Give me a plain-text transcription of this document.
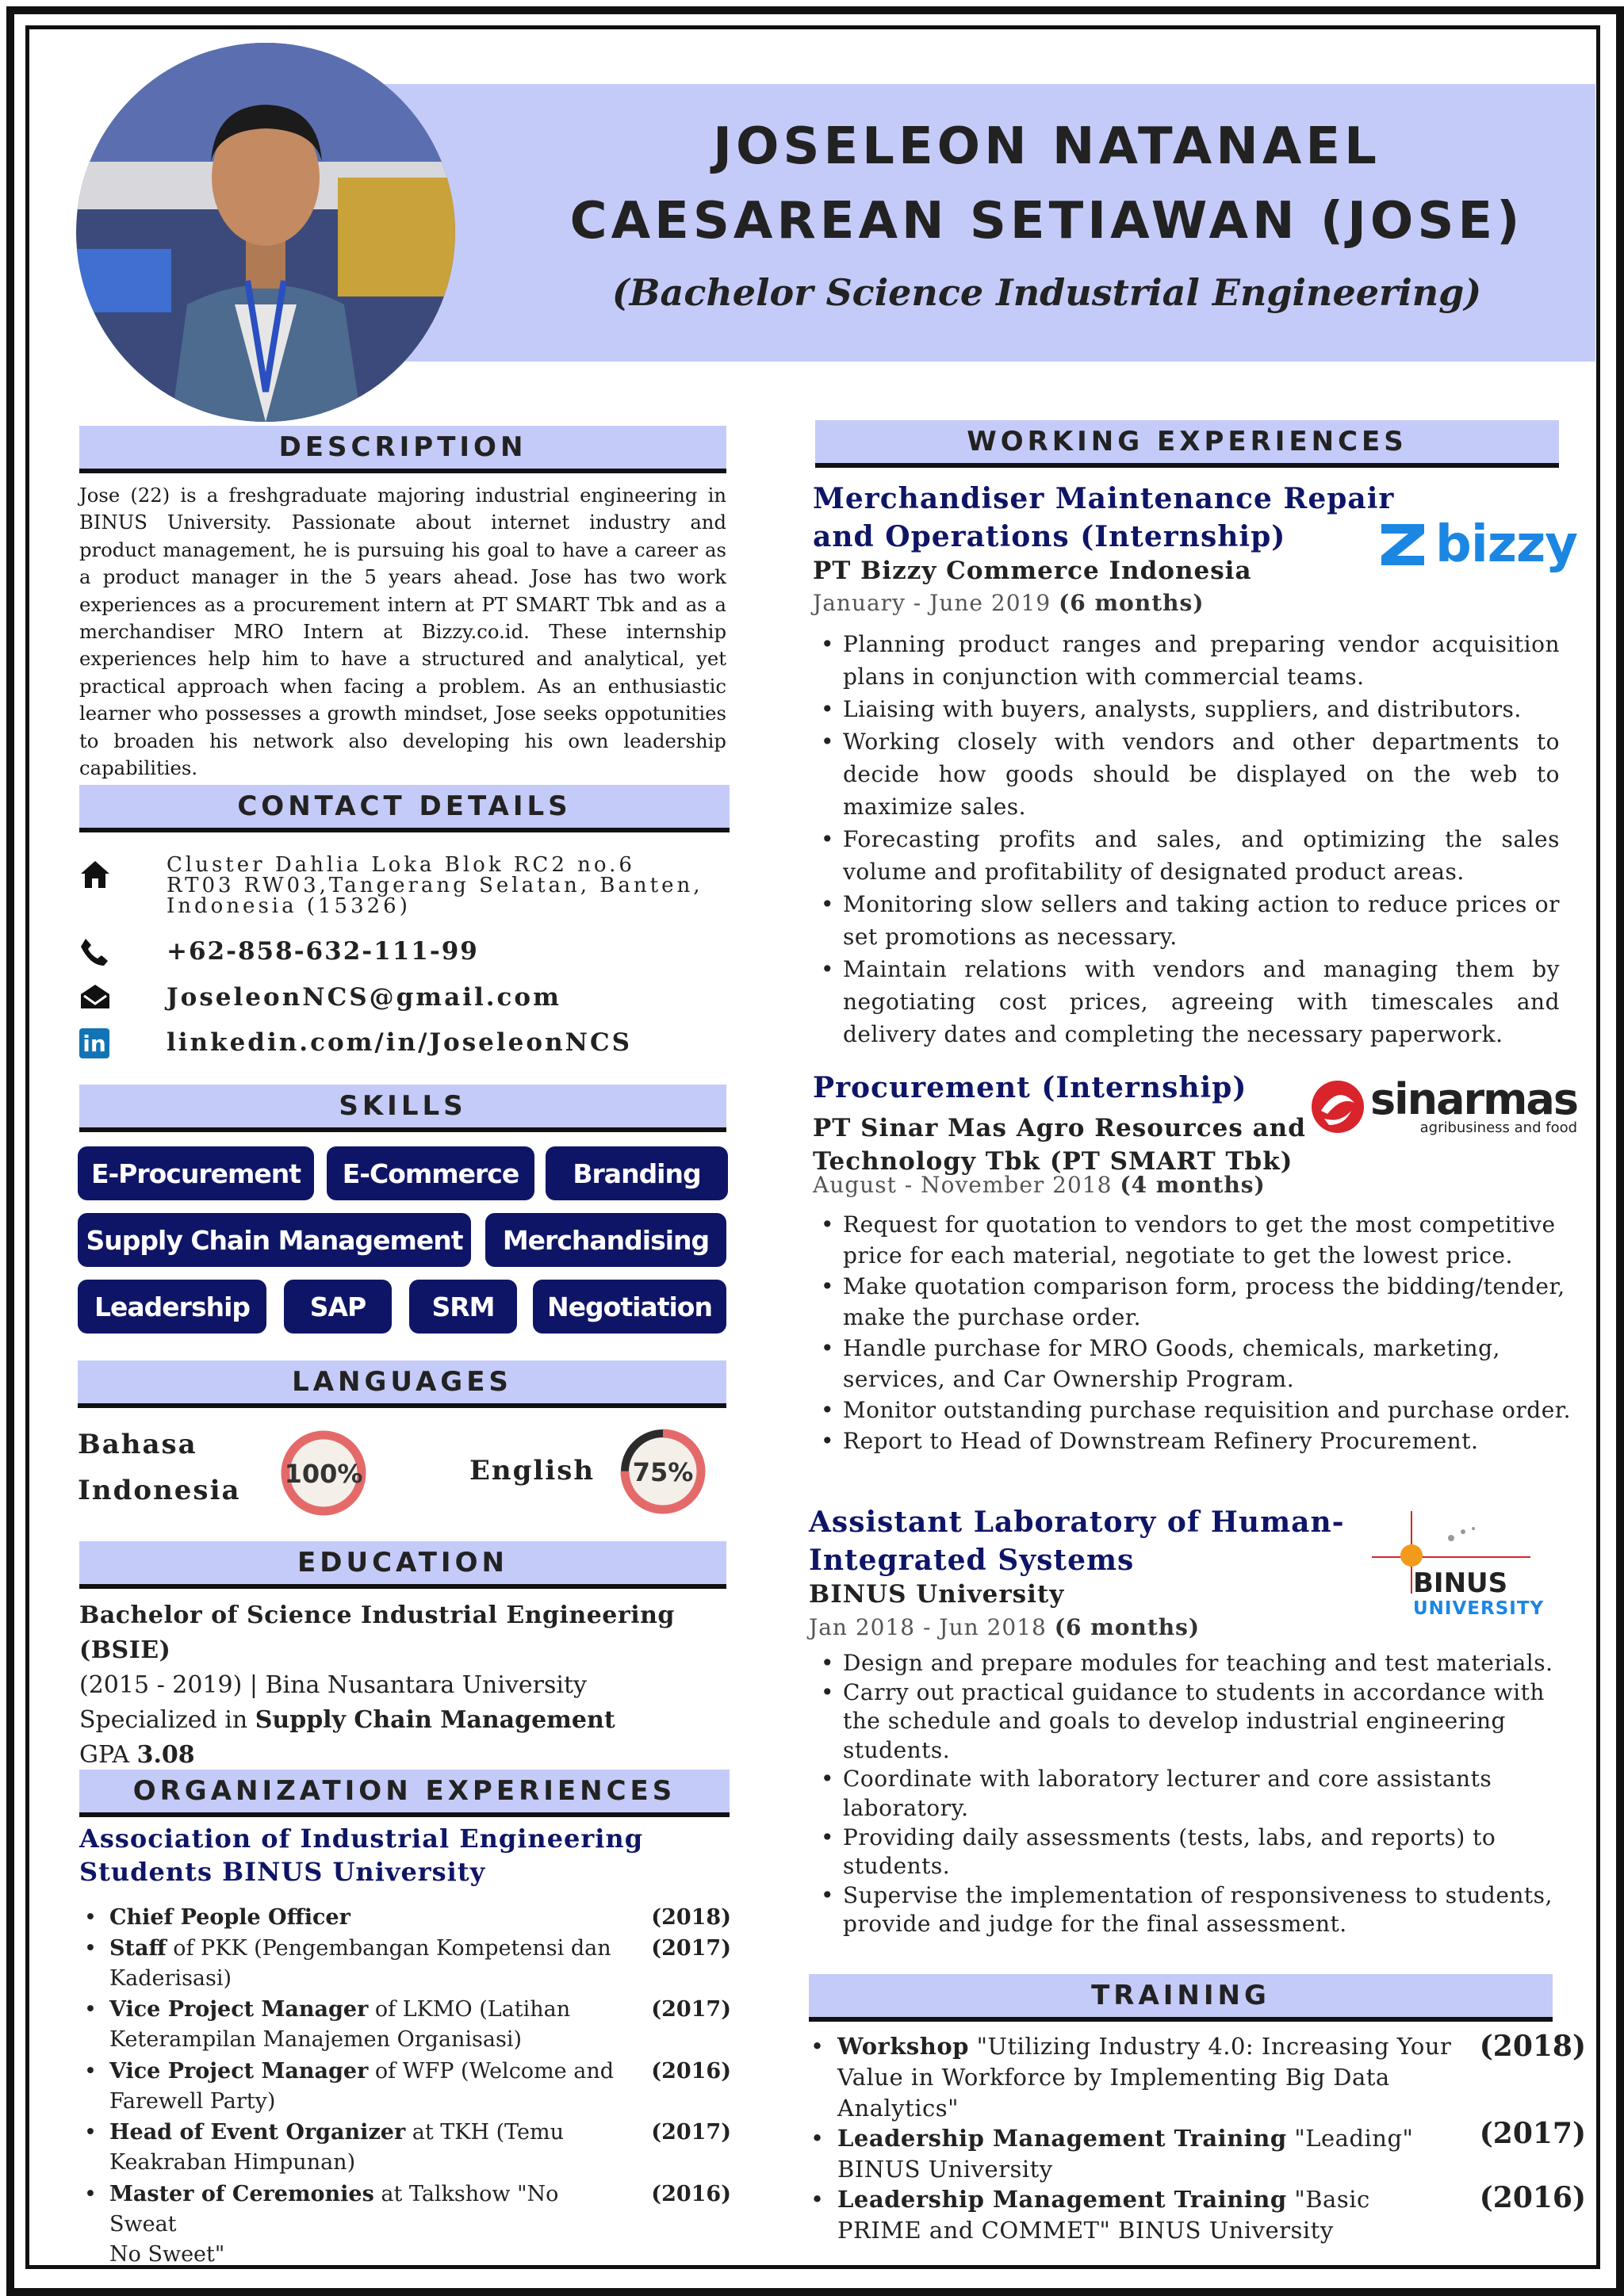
JOSELEON NATANAEL
CAESAREAN SETIAWAN (JOSE)
(Bachelor Science Industrial Engineering)
DESCRIPTION
Jose (22) is a freshgraduate majoring industrial engineering in BINUS University. Passionate about internet industry and product management, he is pursuing his goal to have a career as a product manager in the 5 years ahead. Jose has two work experiences as a procurement intern at PT SMART Tbk and as a merchandiser MRO Intern at Bizzy.co.id. These internship experiences help him to have a structured and analytical, yet practical approach when facing a problem. As an enthusiastic learner who possesses a growth mindset, Jose seeks oppotunities to broaden his network also developing his own leadership capabilities.
CONTACT DETAILS
Cluster Dahlia Loka Blok RC2 no.6
RT03 RW03,Tangerang Selatan, Banten,
Indonesia (15326)
+62-858-632-111-99
JoseleonNCS@gmail.com
in linkedin.com/in/JoseleonNCS
SKILLS
E-Procurement	E-Commerce	Branding
Supply Chain Management	Merchandising
Leadership	SAP	SRM	Negotiation
LANGUAGES
Bahasa
Indonesia
100%	English 75%
EDUCATION
Bachelor of Science Industrial Engineering (BSIE)
(2015 - 2019) | Bina Nusantara University
Specialized in Supply Chain Management
GPA 3.08
ORGANIZATION EXPERIENCES
Association of Industrial Engineering
Students BINUS University
• Chief People Officer	(2018)
• Staff of PKK (Pengembangan Kompetensi dan
Kaderisasi)
(2017)
• Vice Project Manager of LKMO (Latihan
Keterampilan Manajemen Organisasi)
(2017)
• Vice Project Manager of WFP (Welcome and
Farewell Party)
(2016)
• Head of Event Organizer at TKH (Temu
Keakraban Himpunan)
(2017)
• Master of Ceremonies at Talkshow "No Sweat
No Sweet"
(2016)
WORKING EXPERIENCES
Merchandiser Maintenance Repair
and Operations (Internship)
PT Bizzy Commerce Indonesia
January - June 2019 (6 months)
bizzy
• Planning product ranges and preparing vendor acquisition plans in conjunction with commercial teams.
• Liaising with buyers, analysts, suppliers, and distributors.
• Working closely with vendors and other departments to decide how goods should be displayed on the web to maximize sales.
• Forecasting profits and sales, and optimizing the sales volume and profitability of designated product areas.
• Monitoring slow sellers and taking action to reduce prices or set promotions as necessary.
• Maintain relations with vendors and managing them by negotiating cost prices, agreeing with timescales and delivery dates and completing the necessary paperwork.
Procurement (Internship)
PT Sinar Mas Agro Resources and
Technology Tbk (PT SMART Tbk)
August - November 2018 (4 months)
sinarmas
agribusiness and food
• Request for quotation to vendors to get the most competitive price for each material, negotiate to get the lowest price.
• Make quotation comparison form, process the bidding/tender, make the purchase order.
• Handle purchase for MRO Goods, chemicals, marketing, services, and Car Ownership Program.
• Monitor outstanding purchase requisition and purchase order.
• Report to Head of Downstream Refinery Procurement.
Assistant Laboratory of Human-
Integrated Systems
BINUS University
Jan 2018 - Jun 2018 (6 months)
BINUS
UNIVERSITY
• Design and prepare modules for teaching and test materials.
• Carry out practical guidance to students in accordance with the schedule and goals to develop industrial engineering students.
• Coordinate with laboratory lecturer and core assistants laboratory.
• Providing daily assessments (tests, labs, and reports) to students.
• Supervise the implementation of responsiveness to students, provide and judge for the final assessment.
TRAINING
• Workshop "Utilizing Industry 4.0: Increasing Your Value in Workforce by Implementing Big Data Analytics"
(2018)
• Leadership Management Training "Leading" BINUS University
(2017)
• Leadership Management Training "Basic PRIME and COMMET" BINUS University
(2016)
